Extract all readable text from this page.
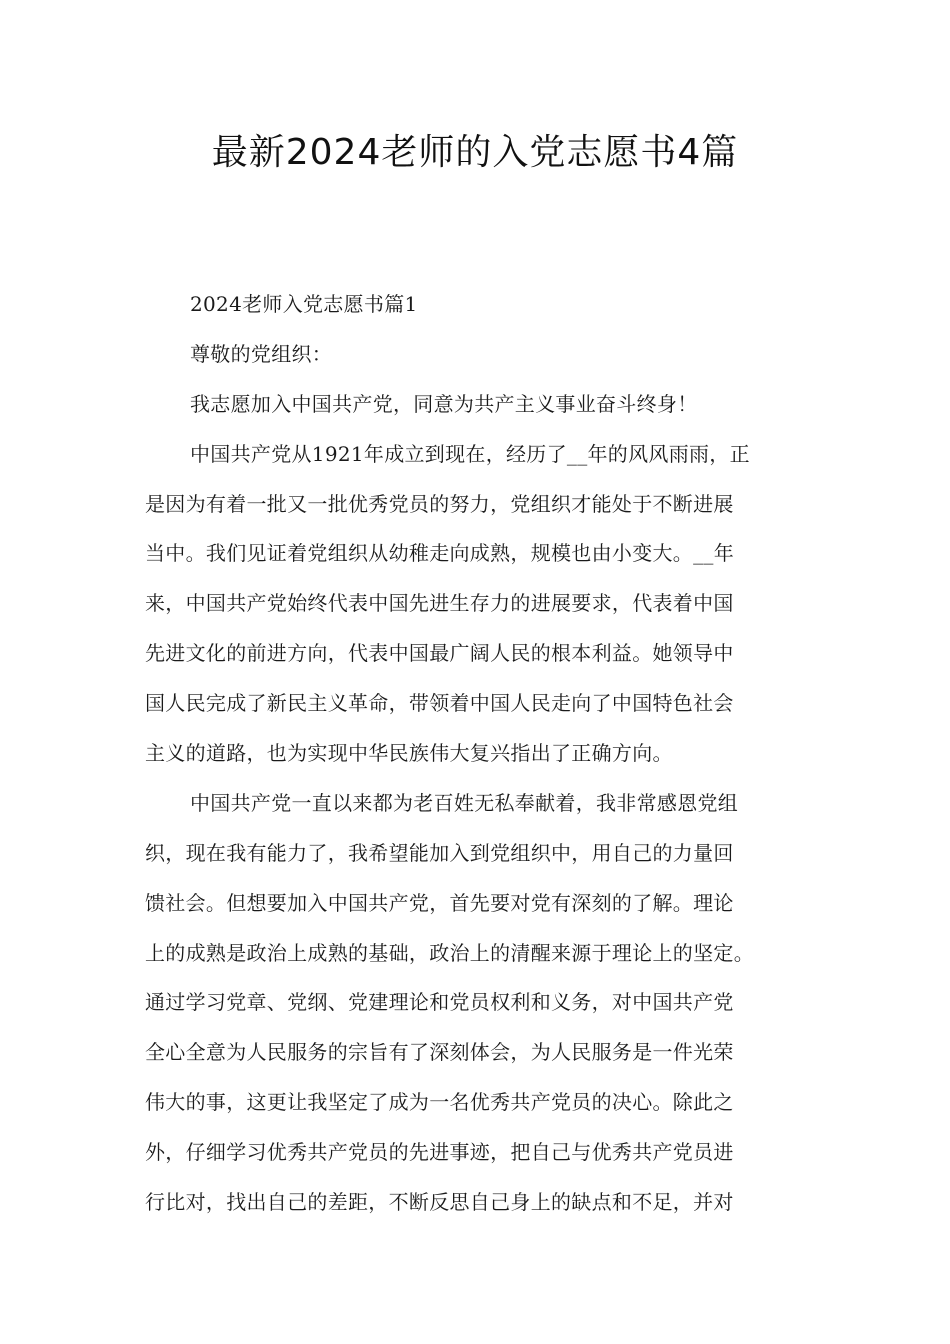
最新2024老师的入党志愿书4篇
2024老师入党志愿书篇1
尊敬的党组织：
我志愿加入中国共产党，同意为共产主义事业奋斗终身！
中国共产党从1921年成立到现在，经历了__年的风风雨雨，正
是因为有着一批又一批优秀党员的努力，党组织才能处于不断进展
当中。我们见证着党组织从幼稚走向成熟，规模也由小变大。__年
来，中国共产党始终代表中国先进生存力的进展要求，代表着中国
先进文化的前进方向，代表中国最广阔人民的根本利益。她领导中
国人民完成了新民主义革命，带领着中国人民走向了中国特色社会
主义的道路，也为实现中华民族伟大复兴指出了正确方向。
中国共产党一直以来都为老百姓无私奉献着，我非常感恩党组
织，现在我有能力了，我希望能加入到党组织中，用自己的力量回
馈社会。但想要加入中国共产党，首先要对党有深刻的了解。理论
上的成熟是政治上成熟的基础，政治上的清醒来源于理论上的坚定。
通过学习党章、党纲、党建理论和党员权利和义务，对中国共产党
全心全意为人民服务的宗旨有了深刻体会，为人民服务是一件光荣
伟大的事，这更让我坚定了成为一名优秀共产党员的决心。除此之
外，仔细学习优秀共产党员的先进事迹，把自己与优秀共产党员进
行比对，找出自己的差距，不断反思自己身上的缺点和不足，并对
